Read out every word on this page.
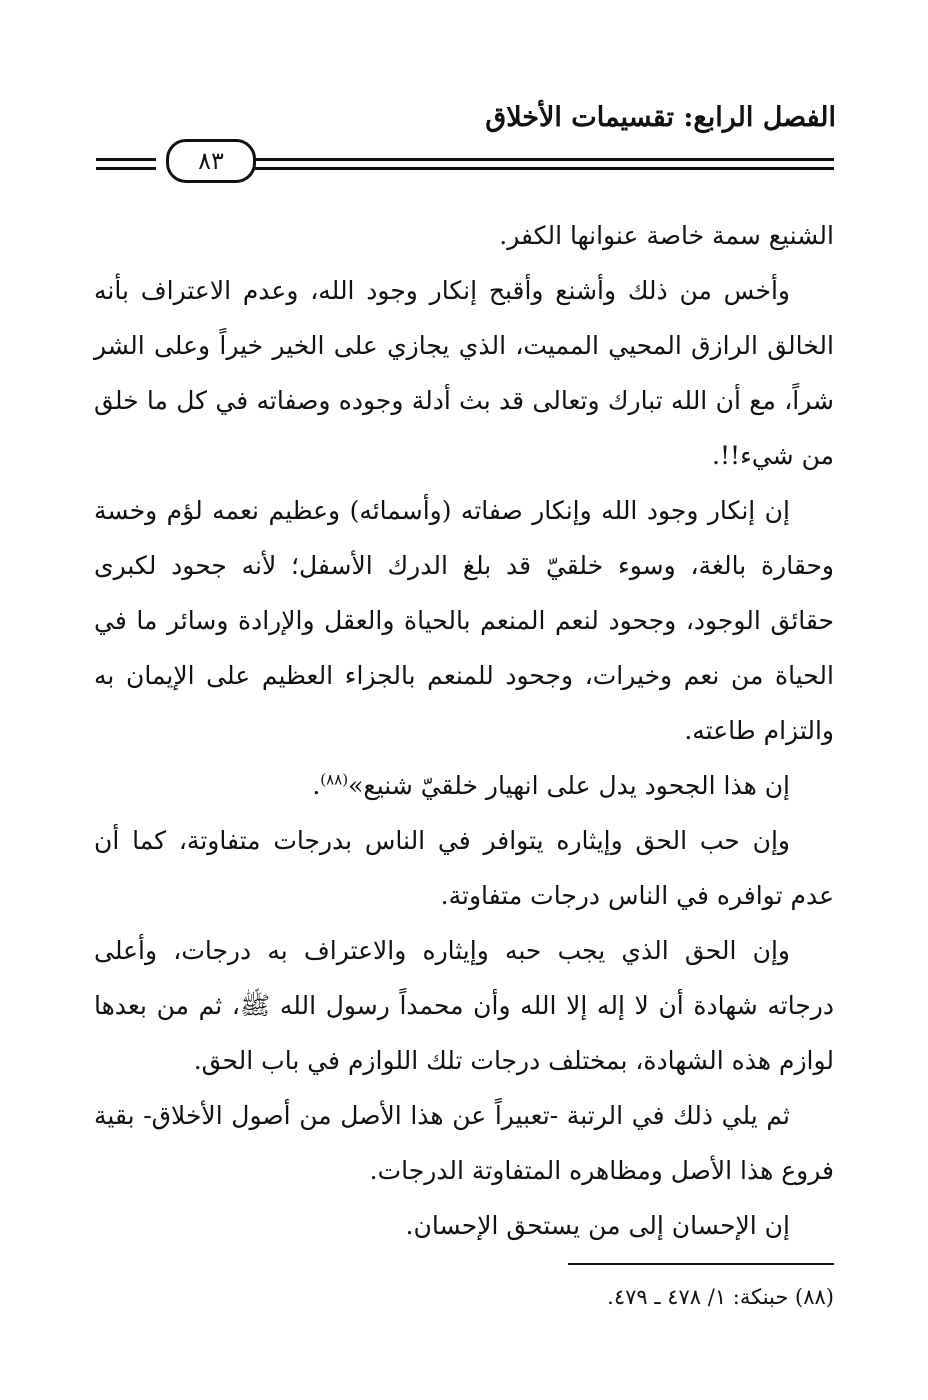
الفصل الرابع: تقسيمات الأخلاق
٨٣

الشنيع سمة خاصة عنوانها الكفر.

وأخس من ذلك وأشنع وأقبح إنكار وجود الله، وعدم الاعتراف بأنه الخالق الرازق المحيي المميت، الذي يجازي على الخير خيراً وعلى الشر شراً، مع أن الله تبارك وتعالى قد بث أدلة وجوده وصفاته في كل ما خلق من شيء!!.

إن إنكار وجود الله وإنكار صفاته (وأسمائه) وعظيم نعمه لؤم وخسة وحقارة بالغة، وسوء خلقيّ قد بلغ الدرك الأسفل؛ لأنه جحود لكبرى حقائق الوجود، وجحود لنعم المنعم بالحياة والعقل والإرادة وسائر ما في الحياة من نعم وخيرات، وجحود للمنعم بالجزاء العظيم على الإيمان به والتزام طاعته.

إن هذا الجحود يدل على انهيار خلقيّ شنيع»$^{(٨٨)}$.

وإن حب الحق وإيثاره يتوافر في الناس بدرجات متفاوتة، كما أن عدم توافره في الناس درجات متفاوتة.

وإن الحق الذي يجب حبه وإيثاره والاعتراف به درجات، وأعلى درجاته شهادة أن لا إله إلا الله وأن محمداً رسول الله ﷺ، ثم من بعدها لوازم هذه الشهادة، بمختلف درجات تلك اللوازم في باب الحق.

ثم يلي ذلك في الرتبة -تعبيراً عن هذا الأصل من أصول الأخلاق- بقية فروع هذا الأصل ومظاهره المتفاوتة الدرجات.

إن الإحسان إلى من يستحق الإحسان.

(٨٨) حبنكة: ١/ ٤٧٨ ـ ٤٧٩.
